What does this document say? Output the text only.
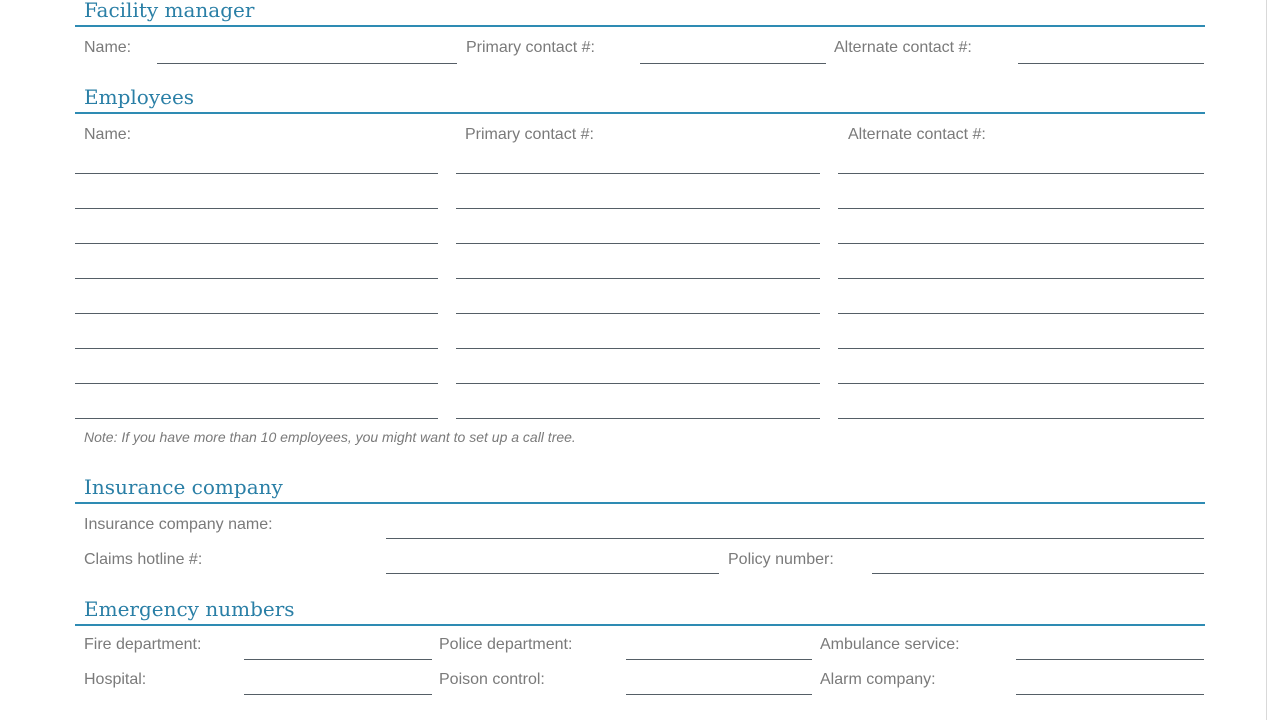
Facility manager
Name:	Primary contact #:	Alternate contact #:
Employees
Name:	Primary contact #:	Alternate contact #:
Note: If you have more than 10 employees, you might want to set up a call tree.
Insurance company
Insurance company name:
Claims hotline #:	Policy number:
Emergency numbers
Fire department:	Police department:	Ambulance service:
Hospital:	Poison control:	Alarm company:
